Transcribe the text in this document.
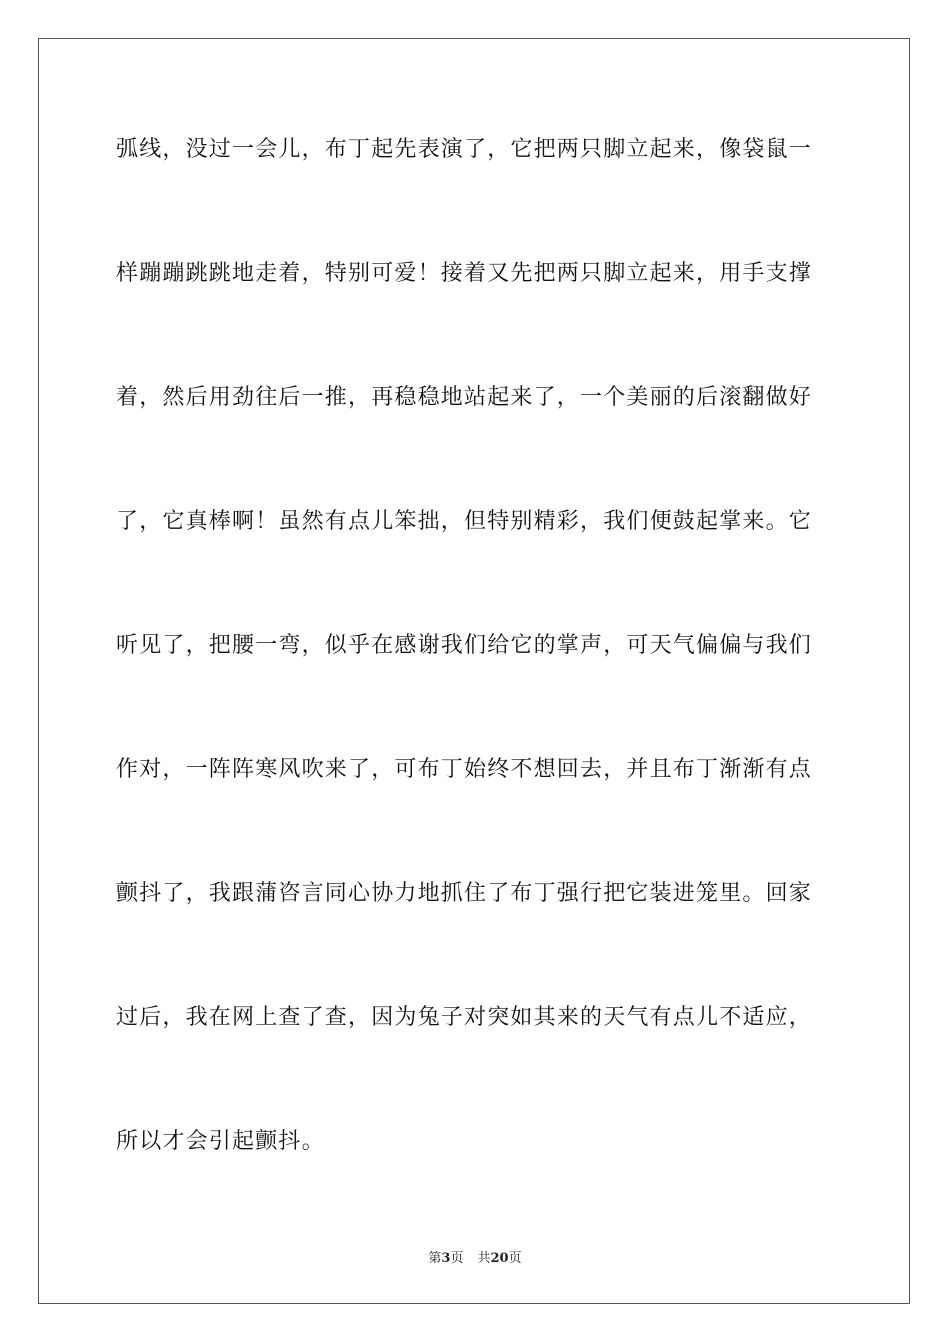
弧线，没过一会儿，布丁起先表演了，它把两只脚立起来，像袋鼠一
样蹦蹦跳跳地走着，特别可爱！接着又先把两只脚立起来，用手支撑
着，然后用劲往后一推，再稳稳地站起来了，一个美丽的后滚翻做好
了，它真棒啊！虽然有点儿笨拙，但特别精彩，我们便鼓起掌来。它
听见了，把腰一弯，似乎在感谢我们给它的掌声，可天气偏偏与我们
作对，一阵阵寒风吹来了，可布丁始终不想回去，并且布丁渐渐有点
颤抖了，我跟蒲咨言同心协力地抓住了布丁强行把它装进笼里。回家
过后，我在网上查了查，因为兔子对突如其来的天气有点儿不适应，
所以才会引起颤抖。
第3页 共20页
